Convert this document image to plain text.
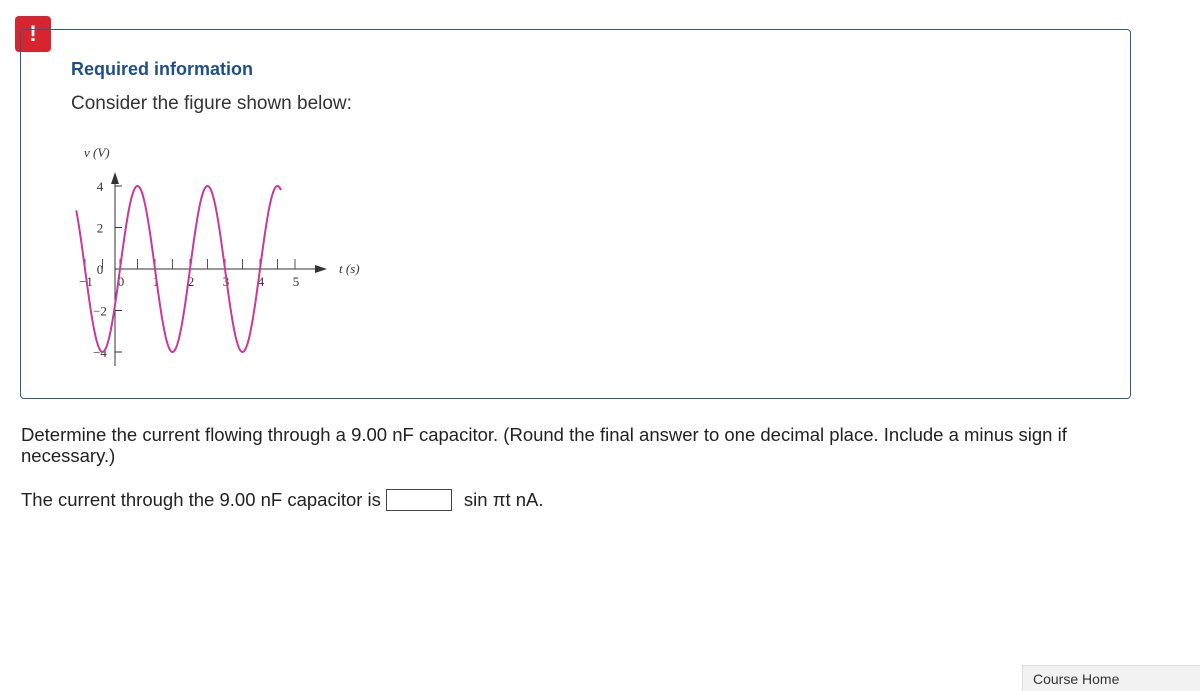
!
Required information
Consider the figure shown below:
4
2
0
−2
−4
−1 0 1 2 3 4 5
v (V)
t (s)
Determine the current flowing through a 9.00 nF capacitor. (Round the final answer to one decimal place. Include a minus sign if necessary.)
The current through the 9.00 nF capacitor is	sin πt nA.
Course Home
